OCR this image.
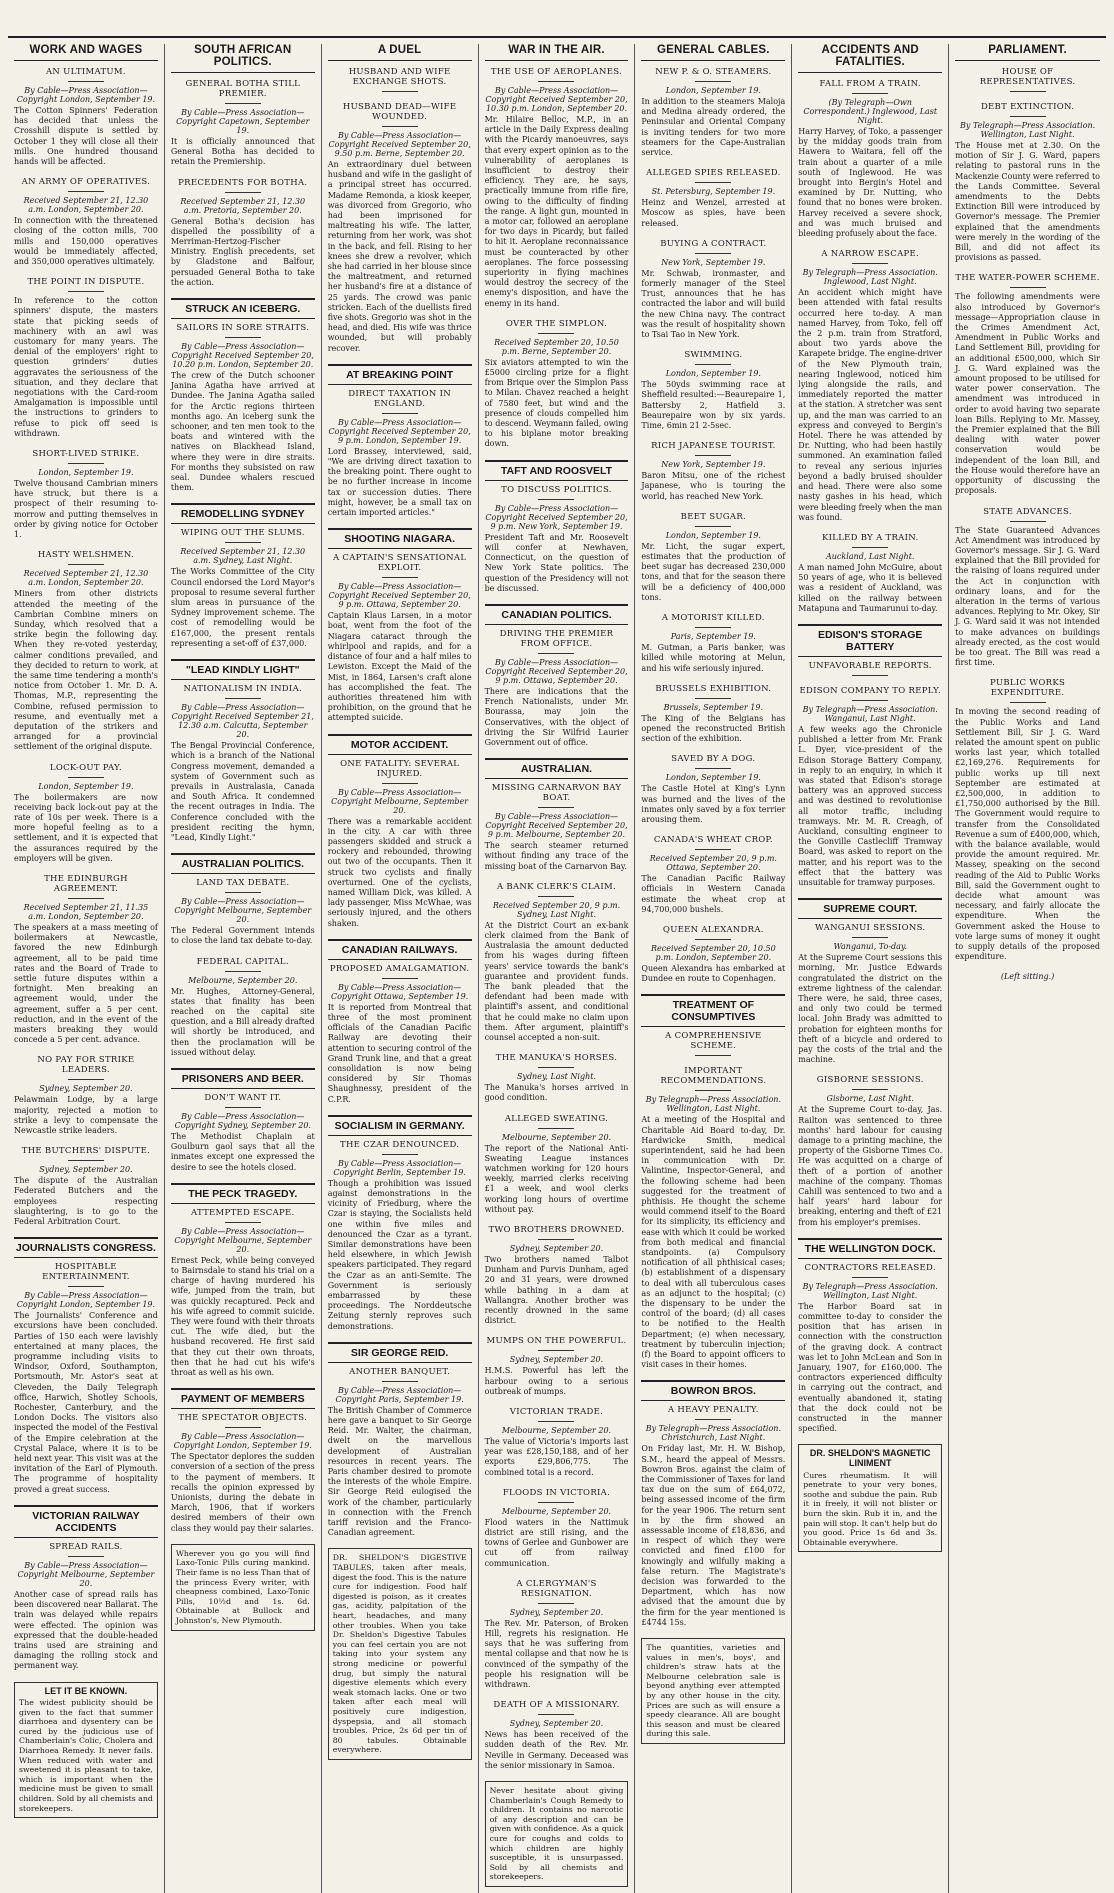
WORK AND WAGES
AN ULTIMATUM.
By Cable—Press Association—Copyright London, September 19.
The Cotton Spinners' Federation has decided that unless the Crosshill dispute is settled by October 1 they will close all their mills. One hundred thousand hands will be affected.
AN ARMY OF OPERATIVES.
Received September 21, 12.30 a.m. London, September 20.
In connection with the threatened closing of the cotton mills, 700 mills and 150,000 operatives would be immediately affected, and 350,000 operatives ultimately.
THE POINT IN DISPUTE.
In reference to the cotton spinners' dispute, the masters state that picking seeds of machinery with an awl was customary for many years. The denial of the employers' right to question grinders' duties aggravates the seriousness of the situation, and they declare that negotiations with the Card-room Amalgamation is impossible until the instructions to grinders to refuse to pick off seed is withdrawn.
SHORT-LIVED STRIKE.
London, September 19.
Twelve thousand Cambrian miners have struck, but there is a prospect of their resuming to-morrow and putting themselves in order by giving notice for October 1.
HASTY WELSHMEN.
Received September 21, 12.30 a.m. London, September 20.
Miners from other districts attended the meeting of the Cambrian Combine miners on Sunday, which resolved that a strike begin the following day. When they re-voted yesterday, calmer conditions prevailed, and they decided to return to work, at the same time tendering a month's notice from October 1. Mr. D. A. Thomas, M.P., representing the Combine, refused permission to resume, and eventually met a deputation of the strikers and arranged for a provincial settlement of the original dispute.
LOCK-OUT PAY.
London, September 19.
The boilermakers are now receiving back lock-out pay at the rate of 10s per week. There is a more hopeful feeling as to a settlement, and it is expected that the assurances required by the employers will be given.
THE EDINBURGH AGREEMENT.
Received September 21, 11.35 a.m. London, September 20.
The speakers at a mass meeting of boilermakers at Newcastle, favored the new Edinburgh agreement, all to be paid time rates and the Board of Trade to settle future disputes within a fortnight. Men breaking an agreement would, under the agreement, suffer a 5 per cent. reduction, and in the event of the masters breaking they would concede a 5 per cent. advance.
NO PAY FOR STRIKE LEADERS.
Sydney, September 20.
Pelawmain Lodge, by a large majority, rejected a motion to strike a levy to compensate the Newcastle strike leaders.
THE BUTCHERS' DISPUTE.
Sydney, September 20.
The dispute of the Australian Federated Butchers and the employees respecting slaughtering, is to go to the Federal Arbitration Court.
JOURNALISTS CONGRESS.
HOSPITABLE ENTERTAINMENT.
By Cable—Press Association—Copyright London, September 19.
The Journalists' Conference and excursions have been concluded. Parties of 150 each were lavishly entertained at many places, the programme including visits to Windsor, Oxford, Southampton, Portsmouth, Mr. Astor's seat at Cleveden, the Daily Telegraph office, Harwich, Shotley Schools, Rochester, Canterbury, and the London Docks. The visitors also inspected the model of the Festival of the Empire celebration at the Crystal Palace, where it is to be held next year. This visit was at the invitation of the Earl of Plymouth. The programme of hospitality proved a great success.
VICTORIAN RAILWAY ACCIDENTS
SPREAD RAILS.
By Cable—Press Association—Copyright Melbourne, September 20.
Another case of spread rails has been discovered near Ballarat. The train was delayed while repairs were effected. The opinion was expressed that the double-headed trains used are straining and damaging the rolling stock and permanent way.
LET IT BE KNOWN.
The widest publicity should be given to the fact that summer diarrhoea and dysentery can be cured by the judicious use of Chamberlain's Colic, Cholera and Diarrhoea Remedy. It never fails. When reduced with water and sweetened it is pleasant to take, which is important when the medicine must be given to small children. Sold by all chemists and storekeepers.
SOUTH AFRICAN POLITICS.
GENERAL BOTHA STILL PREMIER.
By Cable—Press Association—Copyright Capetown, September 19.
It is officially announced that General Botha has decided to retain the Premiership.
PRECEDENTS FOR BOTHA.
Received September 21, 12.30 a.m. Pretoria, September 20.
General Botha's decision has dispelled the possibility of a Merriman-Hertzog-Fischer Ministry. English precedents, set by Gladstone and Balfour, persuaded General Botha to take the action.
STRUCK AN ICEBERG.
SAILORS IN SORE STRAITS.
By Cable—Press Association—Copyright Received September 20, 10.20 p.m. London, September 20.
The crew of the Dutch schooner Janina Agatha have arrived at Dundee. The Janina Agatha sailed for the Arctic regions thirteen months ago. An iceberg sunk the schooner, and ten men took to the boats and wintered with the natives on Blackhead Island, where they were in dire straits. For months they subsisted on raw seal. Dundee whalers rescued them.
REMODELLING SYDNEY
WIPING OUT THE SLUMS.
Received September 21, 12.30 a.m. Sydney, Last Night.
The Works Committee of the City Council endorsed the Lord Mayor's proposal to resume several further slum areas in pursuance of the Sydney improvement scheme. The cost of remodelling would be £167,000, the present rentals representing a set-off of £37,000.
"LEAD KINDLY LIGHT"
NATIONALISM IN INDIA.
By Cable—Press Association—Copyright Received September 21, 12.30 a.m. Calcutta, September 20.
The Bengal Provincial Conference, which is a branch of the National Congress movement, demanded a system of Government such as prevails in Australasia, Canada and South Africa. It condemned the recent outrages in India. The Conference concluded with the president reciting the hymn, "Lead, Kindly Light."
AUSTRALIAN POLITICS.
LAND TAX DEBATE.
By Cable—Press Association—Copyright Melbourne, September 20.
The Federal Government intends to close the land tax debate to-day.
FEDERAL CAPITAL.
Melbourne, September 20.
Mr. Hughes, Attorney-General, states that finality has been reached on the capital site question, and a Bill already drafted will shortly be introduced, and then the proclamation will be issued without delay.
PRISONERS AND BEER.
DON'T WANT IT.
By Cable—Press Association—Copyright Sydney, September 20.
The Methodist Chaplain at Goulburn gaol says that all the inmates except one expressed the desire to see the hotels closed.
THE PECK TRAGEDY.
ATTEMPTED ESCAPE.
By Cable—Press Association—Copyright Melbourne, September 20.
Ernest Peck, while being conveyed to Bairnsdale to stand his trial on a charge of having murdered his wife, jumped from the train, but was quickly recaptured. Peck and his wife agreed to commit suicide. They were found with their throats cut. The wife died, but the husband recovered. He first said that they cut their own throats, then that he had cut his wife's throat as well as his own.
PAYMENT OF MEMBERS
THE SPECTATOR OBJECTS.
By Cable—Press Association—Copyright London, September 19.
The Spectator deplores the sudden conversion of a section of the press to the payment of members. It recalls the opinion expressed by Unionists, during the debate in March, 1906, that if workers desired members of their own class they would pay their salaries.
Wherever you go you will find Laxo-Tonic Pills curing mankind. Their fame is no less Than that of the princess Every writer, with cheapness combined, Laxo-Tonic Pills, 10½d and 1s. 6d. Obtainable at Bullock and Johnston's, New Plymouth.
A DUEL
HUSBAND AND WIFE EXCHANGE SHOTS.
HUSBAND DEAD—WIFE WOUNDED.
By Cable—Press Association—Copyright Received September 20, 9.50 p.m. Berne, September 20.
An extraordinary duel between husband and wife in the gaslight of a principal street has occurred. Madame Remonda, a kiosk keeper, was divorced from Gregorio, who had been imprisoned for maltreating his wife. The latter, returning from her work, was shot in the back, and fell. Rising to her knees she drew a revolver, which she had carried in her blouse since the maltreatment, and returned her husband's fire at a distance of 25 yards. The crowd was panic stricken. Each of the duellists fired five shots. Gregorio was shot in the head, and died. His wife was thrice wounded, but will probably recover.
AT BREAKING POINT
DIRECT TAXATION IN ENGLAND.
By Cable—Press Association—Copyright Received September 20, 9 p.m. London, September 19.
Lord Brassey, interviewed, said, "We are driving direct taxation to the breaking point. There ought to be no further increase in income tax or succession duties. There might, however, be a small tax on certain imported articles."
SHOOTING NIAGARA.
A CAPTAIN'S SENSATIONAL EXPLOIT.
By Cable—Press Association—Copyright Received September 20, 9 p.m. Ottawa, September 20.
Captain Klaus Larsen, in a motor boat, went from the foot of the Niagara cataract through the whirlpool and rapids, and for a distance of four and a half miles to Lewiston. Except the Maid of the Mist, in 1864, Larsen's craft alone has accomplished the feat. The authorities threatened him with prohibition, on the ground that he attempted suicide.
MOTOR ACCIDENT.
ONE FATALITY: SEVERAL INJURED.
By Cable—Press Association—Copyright Melbourne, September 20.
There was a remarkable accident in the city. A car with three passengers skidded and struck a rockery and rebounded, throwing out two of the occupants. Then it struck two cyclists and finally overturned. One of the cyclists, named William Dick, was killed. A lady passenger, Miss McWhae, was seriously injured, and the others shaken.
CANADIAN RAILWAYS.
PROPOSED AMALGAMATION.
By Cable—Press Association—Copyright Ottawa, September 19.
It is reported from Montreal that three of the most prominent officials of the Canadian Pacific Railway are devoting their attention to securing control of the Grand Trunk line, and that a great consolidation is now being considered by Sir Thomas Shaughnessy, president of the C.P.R.
SOCIALISM IN GERMANY.
THE CZAR DENOUNCED.
By Cable—Press Association—Copyright Berlin, September 19.
Though a prohibition was issued against demonstrations in the vicinity of Friedburg, where the Czar is staying, the Socialists held one within five miles and denounced the Czar as a tyrant. Similar demonstrations have been held elsewhere, in which Jewish speakers participated. They regard the Czar as an anti-Semite. The Government is seriously embarrassed by these proceedings. The Norddeutsche Zeitung sternly reproves such demonstrations.
SIR GEORGE REID.
ANOTHER BANQUET.
By Cable—Press Association—Copyright Paris, September 19.
The British Chamber of Commerce here gave a banquet to Sir George Reid. Mr. Walter, the chairman, dwelt on the marvellous development of Australian resources in recent years. The Paris chamber desired to promote the interests of the whole Empire. Sir George Reid eulogised the work of the chamber, particularly in connection with the French tariff revision and the Franco-Canadian agreement.
DR. SHELDON'S DIGESTIVE TABULES, taken after meals, digest the food. This is the nature cure for indigestion. Food half digested is poison, as it creates gas, acidity, palpitation of the heart, headaches, and many other troubles. When you take Dr. Sheldon's Digestive Tabules you can feel certain you are not taking into your system any strong medicine or powerful drug, but simply the natural digestive elements which every weak stomach lacks. One or two taken after each meal will positively cure indigestion, dyspepsia, and all stomach troubles. Price, 2s 6d per tin of 80 tabules. Obtainable everywhere.
WAR IN THE AIR.
THE USE OF AEROPLANES.
By Cable—Press Association—Copyright Received September 20, 10.30 p.m. London, September 20.
Mr. Hilaire Belloc, M.P., in an article in the Daily Express dealing with the Picardy manoeuvres, says that every expert opinion as to the vulnerability of aeroplanes is insufficient to destroy their efficiency. They are, he says, practically immune from rifle fire, owing to the difficulty of finding the range. A light gun, mounted in a motor car, followed an aeroplane for two days in Picardy, but failed to hit it. Aeroplane reconnaissance must be counteracted by other aeroplanes. The force possessing superiority in flying machines would destroy the secrecy of the enemy's disposition, and have the enemy in its hand.
OVER THE SIMPLON.
Received September 20, 10.50 p.m. Berne, September 20.
Six aviators attempted to win the £5000 circling prize for a flight from Brique over the Simplon Pass to Milan. Chavez reached a height of 7580 feet, but wind and the presence of clouds compelled him to descend. Weymann failed, owing to his biplane motor breaking down.
TAFT AND ROOSVELT
TO DISCUSS POLITICS.
By Cable—Press Association—Copyright Received September 20, 9 p.m. New York, September 19.
President Taft and Mr. Roosevelt will confer at Newhaven, Connecticut, on the question of New York State politics. The question of the Presidency will not be discussed.
CANADIAN POLITICS.
DRIVING THE PREMIER FROM OFFICE.
By Cable—Press Association—Copyright Received September 20, 9 p.m. Ottawa, September 20.
There are indications that the French Nationalists, under Mr. Bourassa, may join the Conservatives, with the object of driving the Sir Wilfrid Laurier Government out of office.
AUSTRALIAN.
MISSING CARNARVON BAY BOAT.
By Cable—Press Association—Copyright Received September 20, 9 p.m. Melbourne, September 20.
The search steamer returned without finding any trace of the missing boat of the Carnarvon Bay.
A BANK CLERK'S CLAIM.
Received September 20, 9 p.m. Sydney, Last Night.
At the District Court an ex-bank clerk claimed from the Bank of Australasia the amount deducted from his wages during fifteen years' service towards the bank's guarantee and provident funds. The bank pleaded that the defendant had been made with plaintiff's assent, and conditional that he could make no claim upon them. After argument, plaintiff's counsel accepted a non-suit.
THE MANUKA'S HORSES.
Sydney, Last Night.
The Manuka's horses arrived in good condition.
ALLEGED SWEATING.
Melbourne, September 20.
The report of the National Anti-Sweating League instances watchmen working for 120 hours weekly, married clerks receiving £1 a week, and wool clerks working long hours of overtime without pay.
TWO BROTHERS DROWNED.
Sydney, September 20.
Two brothers named Talbot Dunham and Purvis Dunham, aged 20 and 31 years, were drowned while bathing in a dam at Wallangra. Another brother was recently drowned in the same district.
MUMPS ON THE POWERFUL.
Sydney, September 20.
H.M.S. Powerful has left the harbour owing to a serious outbreak of mumps.
VICTORIAN TRADE.
Melbourne, September 20.
The value of Victoria's imports last year was £28,150,188, and of her exports £29,806,775. The combined total is a record.
FLOODS IN VICTORIA.
Melbourne, September 20.
Flood waters in the Nattimuk district are still rising, and the towns of Gerlee and Gunbower are cut off from railway communication.
A CLERGYMAN'S RESIGNATION.
Sydney, September 20.
The Rev. Mr. Paterson, of Broken Hill, regrets his resignation. He says that he was suffering from mental collapse and that now he is convinced of the sympathy of the people his resignation will be withdrawn.
DEATH OF A MISSIONARY.
Sydney, September 20.
News has been received of the sudden death of the Rev. Mr. Neville in Germany. Deceased was the senior missionary in Samoa.
Never hesitate about giving Chamberlain's Cough Remedy to children. It contains no narcotic of any description and can be given with confidence. As a quick cure for coughs and colds to which children are highly susceptible, it is unsurpassed. Sold by all chemists and storekeepers.
GENERAL CABLES.
NEW P. & O. STEAMERS.
London, September 19.
In addition to the steamers Maloja and Medina already ordered, the Peninsular and Oriental Company is inviting tenders for two more steamers for the Cape-Australian service.
ALLEGED SPIES RELEASED.
St. Petersburg, September 19.
Heinz and Wenzel, arrested at Moscow as spies, have been released.
BUYING A CONTRACT.
New York, September 19.
Mr. Schwab, ironmaster, and formerly manager of the Steel Trust, announces that he has contracted the labor and will build the new China navy. The contract was the result of hospitality shown to Tsai Tao in New York.
SWIMMING.
London, September 19.
The 50yds swimming race at Sheffield resulted:—Beaurepaire 1, Battersby 2, Hatfield 3. Beaurepaire won by six yards. Time, 6min 21 2-5sec.
RICH JAPANESE TOURIST.
New York, September 19.
Baron Mitsu, one of the richest Japanese, who is touring the world, has reached New York.
BEET SUGAR.
London, September 19.
Mr. Licht, the sugar expert, estimates that the production of beet sugar has decreased 230,000 tons, and that for the season there will be a deficiency of 400,000 tons.
A MOTORIST KILLED.
Paris, September 19.
M. Gutman, a Paris banker, was killed while motoring at Melun, and his wife seriously injured.
BRUSSELS EXHIBITION.
Brussels, September 19.
The King of the Belgians has opened the reconstructed British section of the exhibition.
SAVED BY A DOG.
London, September 19.
The Castle Hotel at King's Lynn was burned and the lives of the inmates only saved by a fox terrier arousing them.
CANADA'S WHEAT CROP.
Received September 20, 9 p.m. Ottawa, September 20.
The Canadian Pacific Railway officials in Western Canada estimate the wheat crop at 94,700,000 bushels.
QUEEN ALEXANDRA.
Received September 20, 10.50 p.m. London, September 20.
Queen Alexandra has embarked at Dundee en route to Copenhagen.
TREATMENT OF CONSUMPTIVES
A COMPREHENSIVE SCHEME.
IMPORTANT RECOMMENDATIONS.
By Telegraph—Press Association. Wellington, Last Night.
At a meeting of the Hospital and Charitable Aid Board to-day, Dr. Hardwicke Smith, medical superintendent, said he had been in communication with Dr. Valintine, Inspector-General, and the following scheme had been suggested for the treatment of phthisis. He thought the scheme would commend itself to the Board for its simplicity, its efficiency and ease with which it could be worked from both medical and financial standpoints. (a) Compulsory notification of all phthisical cases; (b) establishment of a dispensary to deal with all tuberculous cases as an adjunct to the hospital; (c) the dispensary to be under the control of the board; (d) all cases to be notified to the Health Department; (e) when necessary, treatment by tuberculin injection; (f) the Board to appoint officers to visit cases in their homes.
BOWRON BROS.
A HEAVY PENALTY.
By Telegraph—Press Association. Christchurch, Last Night.
On Friday last, Mr. H. W. Bishop, S.M., heard the appeal of Messrs. Bowron Bros. against the claim of the Commissioner of Taxes for land tax due on the sum of £64,072, being assessed income of the firm for the year 1906. The return sent in by the firm showed an assessable income of £18,836, and in respect of which they were convicted and fined £100 for knowingly and wilfully making a false return. The Magistrate's decision was forwarded to the Department, which has now advised that the amount due by the firm for the year mentioned is £4744 15s.
The quantities, varieties and values in men's, boys', and children's straw hats at the Melbourne celebration sale is beyond anything ever attempted by any other house in the city. Prices are such as will ensure a speedy clearance. All are bought this season and must be cleared during this sale.
ACCIDENTS AND FATALITIES.
FALL FROM A TRAIN.
(By Telegraph—Own Correspondent.) Inglewood, Last Night.
Harry Harvey, of Toko, a passenger by the midday goods train from Hawera to Waitara, fell off the train about a quarter of a mile south of Inglewood. He was brought into Bergin's Hotel and examined by Dr. Nutting, who found that no bones were broken. Harvey received a severe shock, and was much bruised and bleeding profusely about the face.
A NARROW ESCAPE.
By Telegraph—Press Association. Inglewood, Last Night.
An accident which might have been attended with fatal results occurred here to-day. A man named Harvey, from Toko, fell off the 2 p.m. train from Stratford, about two yards above the Karapete bridge. The engine-driver of the New Plymouth train, nearing Inglewood, noticed him lying alongside the rails, and immediately reported the matter at the station. A stretcher was sent up, and the man was carried to an express and conveyed to Bergin's Hotel. There he was attended by Dr. Nutting, who had been hastily summoned. An examination failed to reveal any serious injuries beyond a badly bruised shoulder and head. There were also some nasty gashes in his head, which were bleeding freely when the man was found.
KILLED BY A TRAIN.
Auckland, Last Night.
A man named John McGuire, about 50 years of age, who it is believed was a resident of Auckland, was killed on the railway between Matapuna and Taumarunui to-day.
EDISON'S STORAGE BATTERY
UNFAVORABLE REPORTS.
EDISON COMPANY TO REPLY.
By Telegraph—Press Association. Wanganui, Last Night.
A few weeks ago the Chronicle published a letter from Mr. Frank L. Dyer, vice-president of the Edison Storage Battery Company, in reply to an enquiry, in which it was stated that Edison's storage battery was an approved success and was destined to revolutionise all motor traffic, including tramways. Mr. M. R. Creagh, of Auckland, consulting engineer to the Gonville Castlecliff Tramway Board, was asked to report on the matter, and his report was to the effect that the battery was unsuitable for tramway purposes.
SUPREME COURT.
WANGANUI SESSIONS.
Wanganui, To-day.
At the Supreme Court sessions this morning, Mr. Justice Edwards congratulated the district on the extreme lightness of the calendar. There were, he said, three cases, and only two could be termed local. John Brady was admitted to probation for eighteen months for theft of a bicycle and ordered to pay the costs of the trial and the machine.
GISBORNE SESSIONS.
Gisborne, Last Night.
At the Supreme Court to-day, Jas. Railton was sentenced to three months' hard labour for causing damage to a printing machine, the property of the Gisborne Times Co. He was acquitted on a charge of theft of a portion of another machine of the company. Thomas Cahill was sentenced to two and a half years' hard labour for breaking, entering and theft of £21 from his employer's premises.
THE WELLINGTON DOCK.
CONTRACTORS RELEASED.
By Telegraph—Press Association. Wellington, Last Night.
The Harbor Board sat in committee to-day to consider the position that has arisen in connection with the construction of the graving dock. A contract was let to John McLean and Son in January, 1907, for £160,000. The contractors experienced difficulty in carrying out the contract, and eventually abandoned it, stating that the dock could not be constructed in the manner specified.
DR. SHELDON'S MAGNETIC LINIMENT
Cures rheumatism. It will penetrate to your very bones, soothe and subdue the pain. Rub it in freely, it will not blister or burn the skin. Rub it in, and the pain will stop. It can't help but do you good. Price 1s 6d and 3s. Obtainable everywhere.
PARLIAMENT.
HOUSE OF REPRESENTATIVES.
DEBT EXTINCTION.
By Telegraph—Press Association. Wellington, Last Night.
The House met at 2.30. On the motion of Sir J. G. Ward, papers relating to pastoral runs in the Mackenzie County were referred to the Lands Committee. Several amendments to the Debts Extinction Bill were introduced by Governor's message. The Premier explained that the amendments were merely in the wording of the Bill, and did not affect its provisions as passed.
THE WATER-POWER SCHEME.
The following amendments were also introduced by Governor's message—Appropriation clause in the Crimes Amendment Act, Amendment in Public Works and Land Settlement Bill, providing for an additional £500,000, which Sir J. G. Ward explained was the amount proposed to be utilised for water power conservation. The amendment was introduced in order to avoid having two separate loan Bills. Replying to Mr. Massey, the Premier explained that the Bill dealing with water power conservation would be independent of the loan Bill, and the House would therefore have an opportunity of discussing the proposals.
STATE ADVANCES.
The State Guaranteed Advances Act Amendment was introduced by Governor's message. Sir J. G. Ward explained that the Bill provided for the raising of loans required under the Act in conjunction with ordinary loans, and for the alteration in the terms of various advances. Replying to Mr. Okey, Sir J. G. Ward said it was not intended to make advances on buildings already erected, as the cost would be too great. The Bill was read a first time.
PUBLIC WORKS EXPENDITURE.
In moving the second reading of the Public Works and Land Settlement Bill, Sir J. G. Ward related the amount spent on public works last year, which totalled £2,169,276. Requirements for public works up till next September are estimated at £2,500,000, in addition to £1,750,000 authorised by the Bill. The Government would require to transfer from the Consolidated Revenue a sum of £400,000, which, with the balance available, would provide the amount required. Mr. Massey, speaking on the second reading of the Aid to Public Works Bill, said the Government ought to decide what amount was necessary, and fairly allocate the expenditure. When the Government asked the House to vote large sums of money it ought to supply details of the proposed expenditure.
(Left sitting.)
